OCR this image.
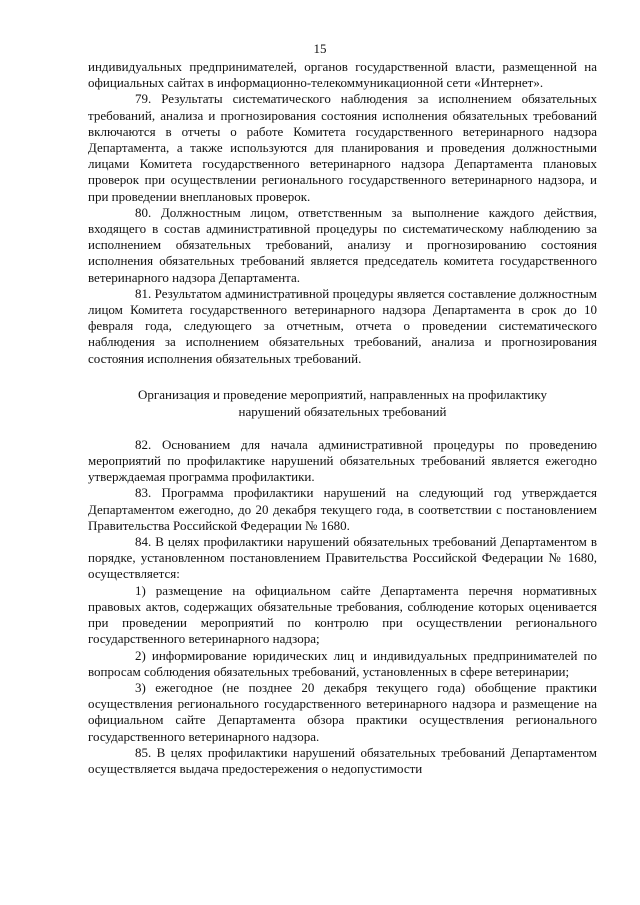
15

индивидуальных предпринимателей, органов государственной власти, размещенной на официальных сайтах в информационно-телекоммуникационной сети «Интернет».

79. Результаты систематического наблюдения за исполнением обязательных требований, анализа и прогнозирования состояния исполнения обязательных требований включаются в отчеты о работе Комитета государственного ветеринарного надзора Департамента, а также используются для планирования и проведения должностными лицами Комитета государственного ветеринарного надзора Департамента плановых проверок при осуществлении регионального государственного ветеринарного надзора, и при проведении внеплановых проверок.

80. Должностным лицом, ответственным за выполнение каждого действия, входящего в состав административной процедуры по систематическому наблюдению за исполнением обязательных требований, анализу и прогнозированию состояния исполнения обязательных требований является председатель комитета государственного ветеринарного надзора Департамента.

81. Результатом административной процедуры является составление должностным лицом Комитета государственного ветеринарного надзора Департамента в срок до 10 февраля года, следующего за отчетным, отчета о проведении систематического наблюдения за исполнением обязательных требований, анализа и прогнозирования состояния исполнения обязательных требований.

Организация и проведение мероприятий, направленных на профилактику
нарушений обязательных требований

82. Основанием для начала административной процедуры по проведению мероприятий по профилактике нарушений обязательных требований является ежегодно утверждаемая программа профилактики.

83. Программа профилактики нарушений на следующий год утверждается Департаментом ежегодно, до 20 декабря текущего года, в соответствии с постановлением Правительства Российской Федерации № 1680.

84. В целях профилактики нарушений обязательных требований Департаментом в порядке, установленном постановлением Правительства Российской Федерации № 1680, осуществляется:

1) размещение на официальном сайте Департамента перечня нормативных правовых актов, содержащих обязательные требования, соблюдение которых оценивается при проведении мероприятий по контролю при осуществлении регионального государственного ветеринарного надзора;

2) информирование юридических лиц и индивидуальных предпринимателей по вопросам соблюдения обязательных требований, установленных в сфере ветеринарии;

3) ежегодное (не позднее 20 декабря текущего года) обобщение практики осуществления регионального государственного ветеринарного надзора и размещение на официальном сайте Департамента обзора практики осуществления регионального государственного ветеринарного надзора.

85. В целях профилактики нарушений обязательных требований Департаментом осуществляется выдача предостережения о недопустимости
